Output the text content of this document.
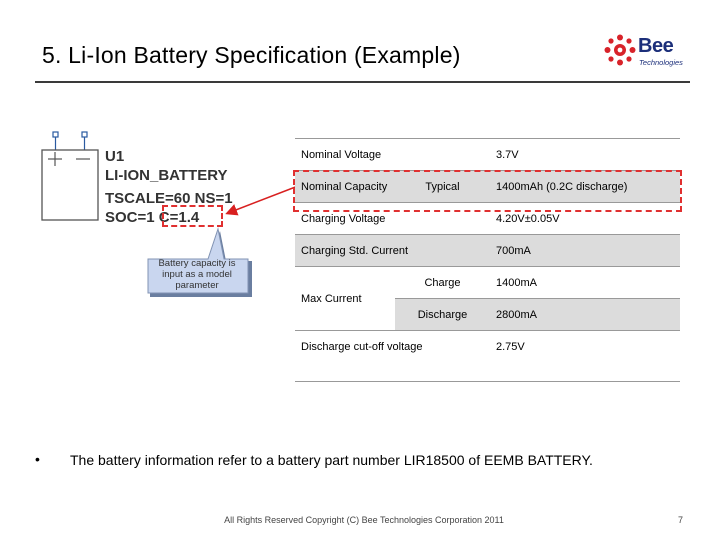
5. Li-Ion Battery Specification (Example)	Bee
Technologies
U1
LI-ION_BATTERY
TSCALE=60 NS=1
SOC=1 C=1.4
Battery capacity is input as a model parameter
Nominal Voltage		3.7V
Nominal Capacity	Typical	1400mAh (0.2C discharge)
Charging Voltage		4.20V±0.05V
Charging Std. Current		700mA
Max Current	Charge	1400mA
	Discharge	2800mA
Discharge cut-off voltage		2.75V
• The battery information refer to a battery part number LIR18500 of EEMB BATTERY.
All Rights Reserved Copyright (C) Bee Technologies Corporation 2011	7
